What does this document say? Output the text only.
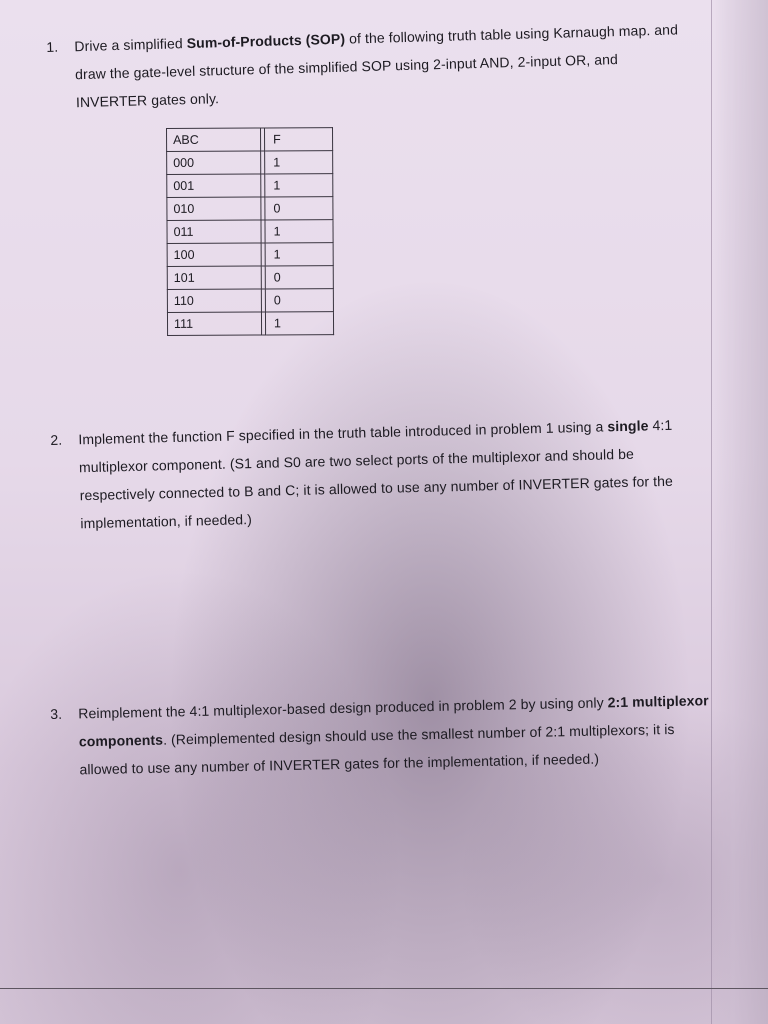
1. Drive a simplified Sum-of-Products (SOP) of the following truth table using Karnaugh map. and draw the gate-level structure of the simplified SOP using 2-input AND, 2-input OR, and INVERTER gates only.
ABC		F
000		1
001		1
010		0
011		1
100		1
101		0
110		0
111		1
2. Implement the function F specified in the truth table introduced in problem 1 using a single 4:1 multiplexor component. (S1 and S0 are two select ports of the multiplexor and should be respectively connected to B and C; it is allowed to use any number of INVERTER gates for the implementation, if needed.)
3. Reimplement the 4:1 multiplexor-based design produced in problem 2 by using only 2:1 multiplexor components. (Reimplemented design should use the smallest number of 2:1 multiplexors; it is allowed to use any number of INVERTER gates for the implementation, if needed.)
